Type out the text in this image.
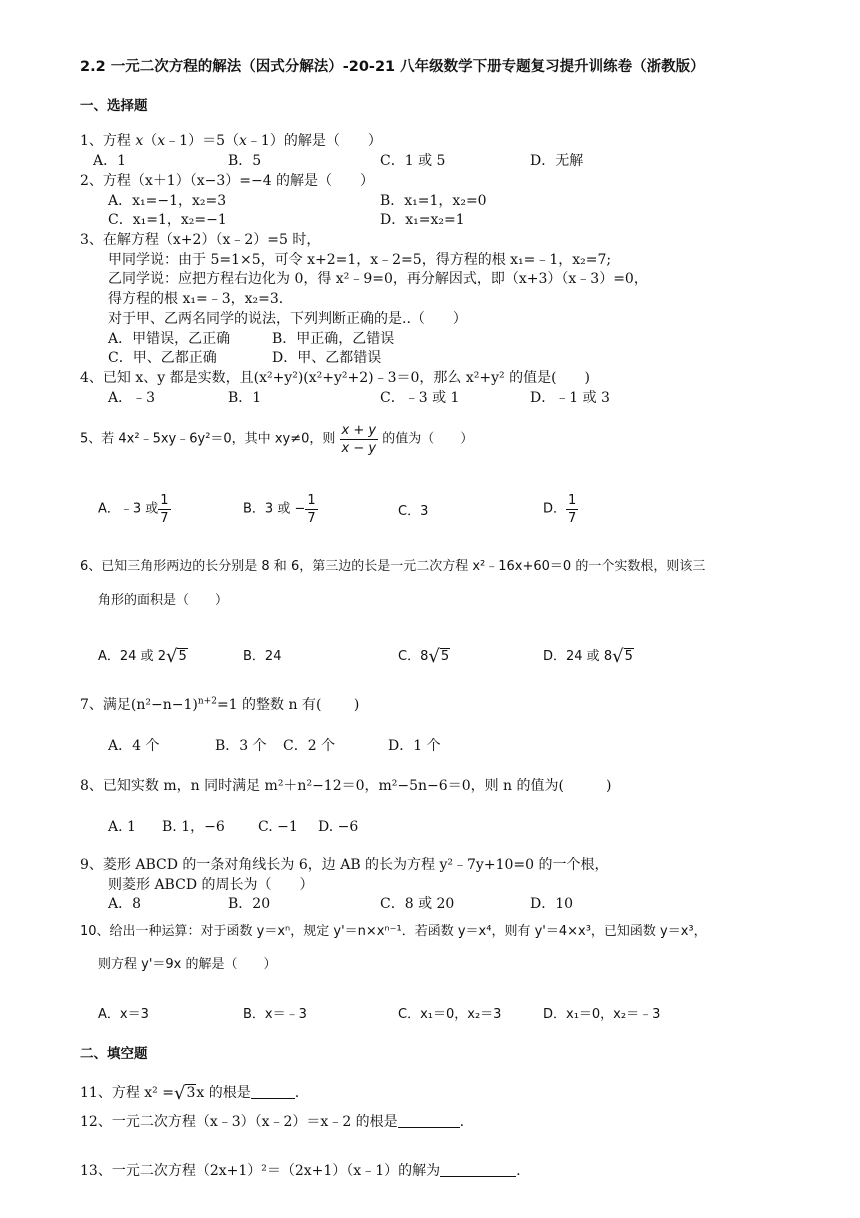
2.2 一元二次方程的解法（因式分解法）-20-21 八年级数学下册专题复习提升训练卷（浙教版）
一、选择题
1、方程 x（x﹣1）＝5（x﹣1）的解是（　　）
A．1	B．5	C．1 或 5	D．无解
2、方程（x＋1）（x−3）=−4 的解是（　　）
A．x₁=−1，x₂=3	B．x₁=1，x₂=0
C．x₁=1，x₂=−1	D．x₁=x₂=1
3、在解方程（x+2）（x﹣2）=5 时，
甲同学说：由于 5=1×5，可令 x+2=1，x﹣2=5，得方程的根 x₁=﹣1，x₂=7;
乙同学说：应把方程右边化为 0，得 x²﹣9=0，再分解因式，即（x+3）（x﹣3）=0，
得方程的根 x₁=﹣3，x₂=3．
对于甲、乙两名同学的说法，下列判断正确的是..（　　）
A．甲错误，乙正确	B．甲正确，乙错误
C．甲、乙都正确	D．甲、乙都错误
4、已知 x、y 都是实数，且(x²+y²)(x²+y²+2)﹣3＝0，那么 x²+y² 的值是(　　)
A．﹣3	B．1	C．﹣3 或 1	D．﹣1 或 3
5、若 4x²﹣5xy﹣6y²＝0，其中 xy≠0，则 $\frac{x + y}{x - y}$ 的值为（　　）
A．﹣3 或 $\frac{1}{7}$	B．3 或 − $\frac{1}{7}$	C．3	D． $\frac{1}{7}$
6、已知三角形两边的长分别是 8 和 6，第三边的长是一元二次方程 x²﹣16x+60＝0 的一个实数根，则该三
角形的面积是（　　）
A．24 或 2√5	B．24	C．8√5	D．24 或 8√5
7、满足$(n^2-n-1)^{n+2}=1$ 的整数 n 有(　　 )
A．4 个	B．3 个 C．2 个	D．1 个
8、已知实数 m，n 同时满足 m²＋n²−12＝0，m²−5n−6＝0，则 n 的值为(　　　)
A. 1 B. 1，−6 C. −1 D. −6
9、菱形 ABCD 的一条对角线长为 6，边 AB 的长为方程 y²﹣7y+10=0 的一个根，
则菱形 ABCD 的周长为（　　）
A．8	B．20	C．8 或 20	D．10
10、给出一种运算：对于函数 y＝xⁿ，规定 y'＝n×xⁿ⁻¹．若函数 y＝x⁴，则有 y'＝4×x³，已知函数 y＝x³，
则方程 y'＝9x 的解是（　　）
A．x＝3	B．x＝﹣3	C．x₁＝0，x₂＝3	D．x₁＝0，x₂＝﹣3
二、填空题
11、方程 x² =√3x 的根是	.
12、一元二次方程（x﹣3）（x﹣2）＝x﹣2 的根是	.
13、一元二次方程（2x+1）²＝（2x+1）（x﹣1）的解为	.
